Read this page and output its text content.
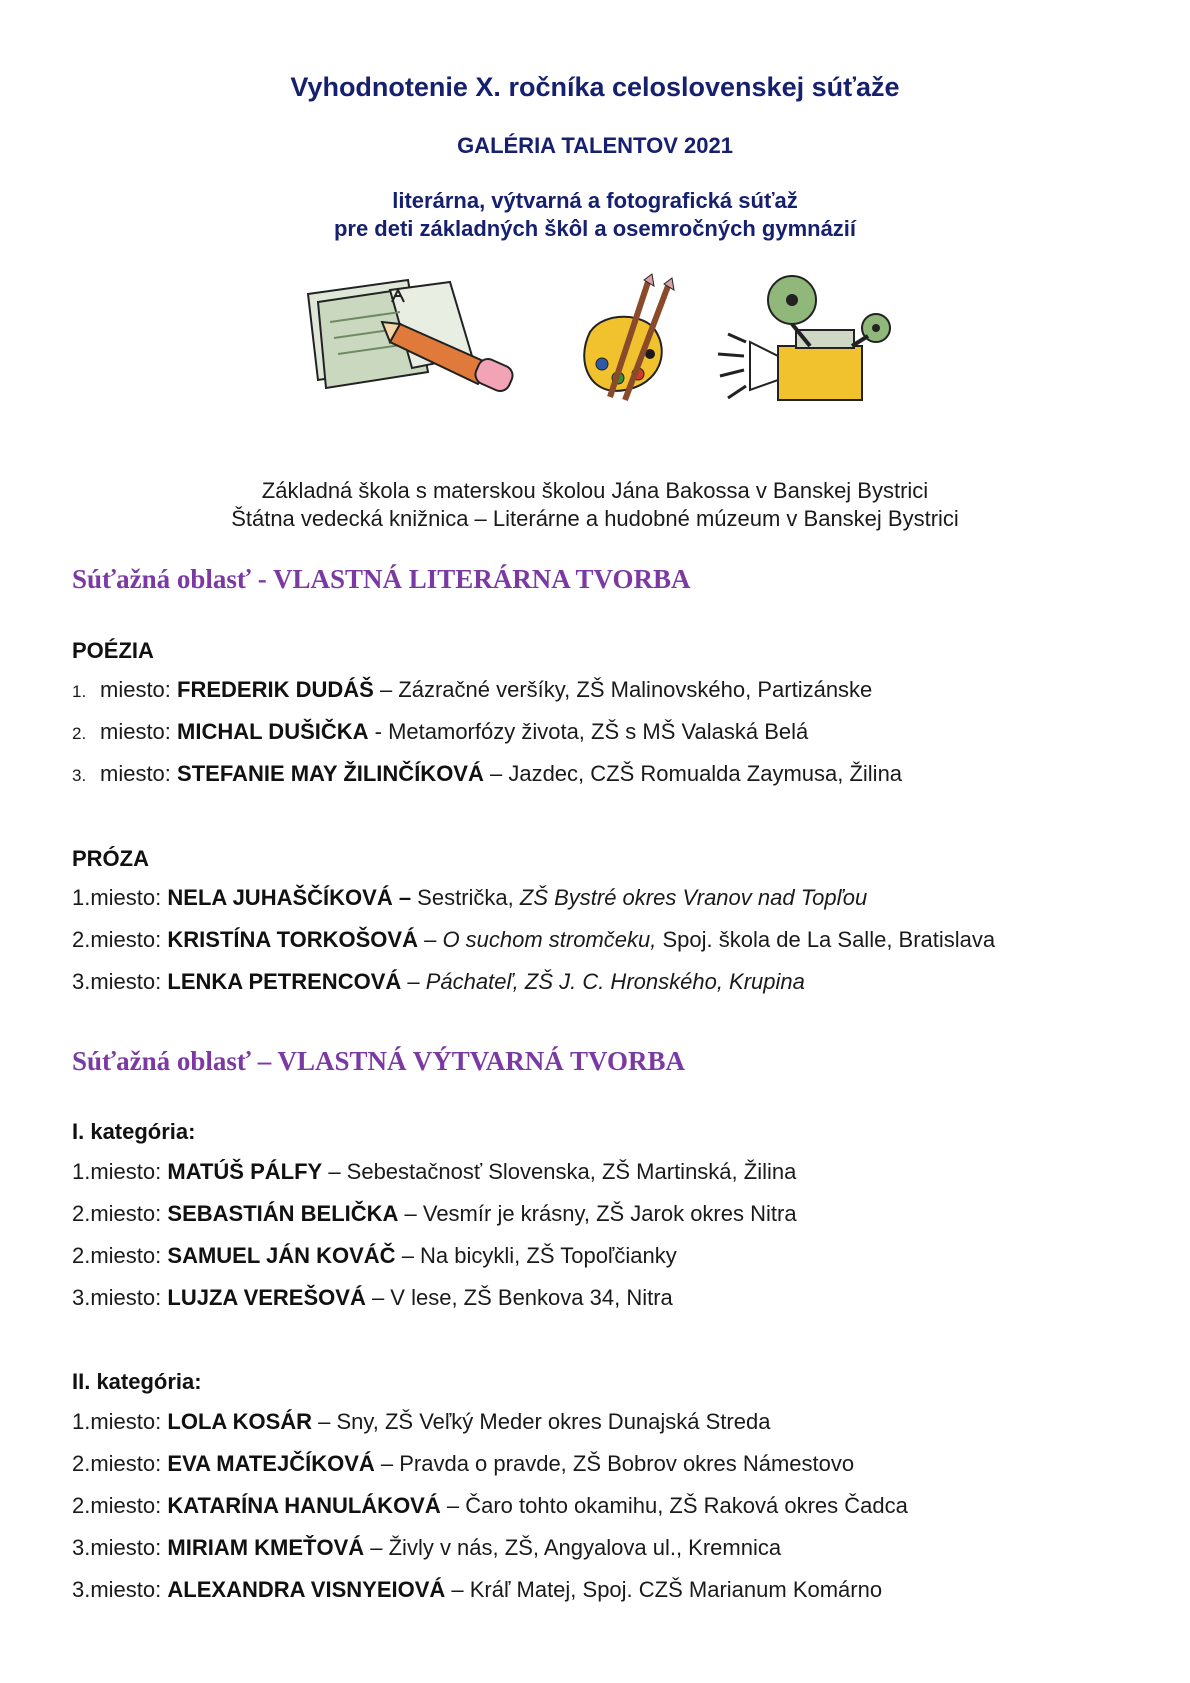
Vyhodnotenie X. ročníka celoslovenskej súťaže
GALÉRIA TALENTOV 2021
literárna, výtvarná a fotografická súťaž
pre deti základných škôl a osemročných gymnázií
Základná škola s materskou školou Jána Bakossa v Banskej Bystrici
Štátna vedecká knižnica – Literárne a hudobné múzeum v Banskej Bystrici
Súťažná oblasť - VLASTNÁ LITERÁRNA TVORBA
POÉZIA
1. miesto: FREDERIK DUDÁŠ – Zázračné veršíky, ZŠ Malinovského, Partizánske
2. miesto: MICHAL DUŠIČKA - Metamorfózy života, ZŠ s MŠ Valaská Belá
3. miesto: STEFANIE MAY ŽILINČÍKOVÁ – Jazdec, CZŠ Romualda Zaymusa, Žilina
PRÓZA
1.miesto: NELA JUHAŠČÍKOVÁ – Sestrička, ZŠ Bystré okres Vranov nad Topľou
2.miesto: KRISTÍNA TORKOŠOVÁ – O suchom stromčeku, Spoj. škola de La Salle, Bratislava
3.miesto: LENKA PETRENCOVÁ – Páchateľ, ZŠ J. C. Hronského, Krupina
Súťažná oblasť – VLASTNÁ VÝTVARNÁ TVORBA
I. kategória:
1.miesto: MATÚŠ PÁLFY – Sebestačnosť Slovenska, ZŠ Martinská, Žilina
2.miesto: SEBASTIÁN BELIČKA – Vesmír je krásny, ZŠ Jarok okres Nitra
2.miesto: SAMUEL JÁN KOVÁČ – Na bicykli, ZŠ Topoľčianky
3.miesto: LUJZA VEREŠOVÁ – V lese, ZŠ Benkova 34, Nitra
II. kategória:
1.miesto: LOLA KOSÁR – Sny, ZŠ Veľký Meder okres Dunajská Streda
2.miesto: EVA MATEJČÍKOVÁ – Pravda o pravde, ZŠ Bobrov okres Námestovo
2.miesto: KATARÍNA HANULÁKOVÁ – Čaro tohto okamihu, ZŠ Raková okres Čadca
3.miesto: MIRIAM KMEŤOVÁ – Živly v nás, ZŠ, Angyalova ul., Kremnica
3.miesto: ALEXANDRA VISNYEIOVÁ – Kráľ Matej, Spoj. CZŠ Marianum Komárno
